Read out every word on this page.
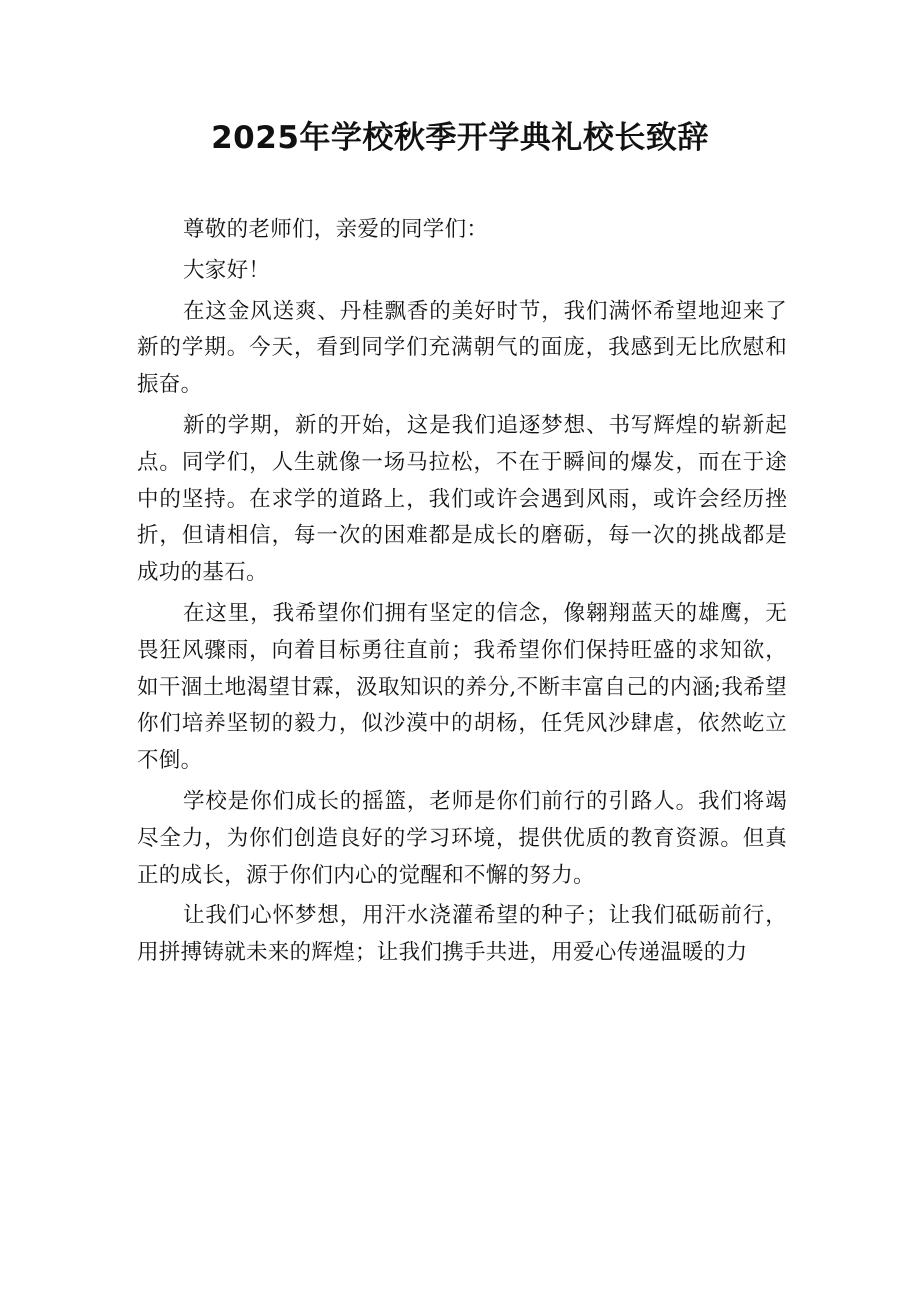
2025年学校秋季开学典礼校长致辞

尊敬的老师们，亲爱的同学们：

大家好！

在这金风送爽、丹桂飘香的美好时节，我们满怀希望地迎来了新的学期。今天，看到同学们充满朝气的面庞，我感到无比欣慰和振奋。

新的学期，新的开始，这是我们追逐梦想、书写辉煌的崭新起点。同学们，人生就像一场马拉松，不在于瞬间的爆发，而在于途中的坚持。在求学的道路上，我们或许会遇到风雨，或许会经历挫折，但请相信，每一次的困难都是成长的磨砺，每一次的挑战都是成功的基石。

在这里，我希望你们拥有坚定的信念，像翱翔蓝天的雄鹰，无畏狂风骤雨，向着目标勇往直前；我希望你们保持旺盛的求知欲，如干涸土地渴望甘霖，汲取知识的养分,不断丰富自己的内涵;我希望你们培养坚韧的毅力，似沙漠中的胡杨，任凭风沙肆虐，依然屹立不倒。

学校是你们成长的摇篮，老师是你们前行的引路人。我们将竭尽全力，为你们创造良好的学习环境，提供优质的教育资源。但真正的成长，源于你们内心的觉醒和不懈的努力。

让我们心怀梦想，用汗水浇灌希望的种子；让我们砥砺前行，用拼搏铸就未来的辉煌；让我们携手共进，用爱心传递温暖的力
